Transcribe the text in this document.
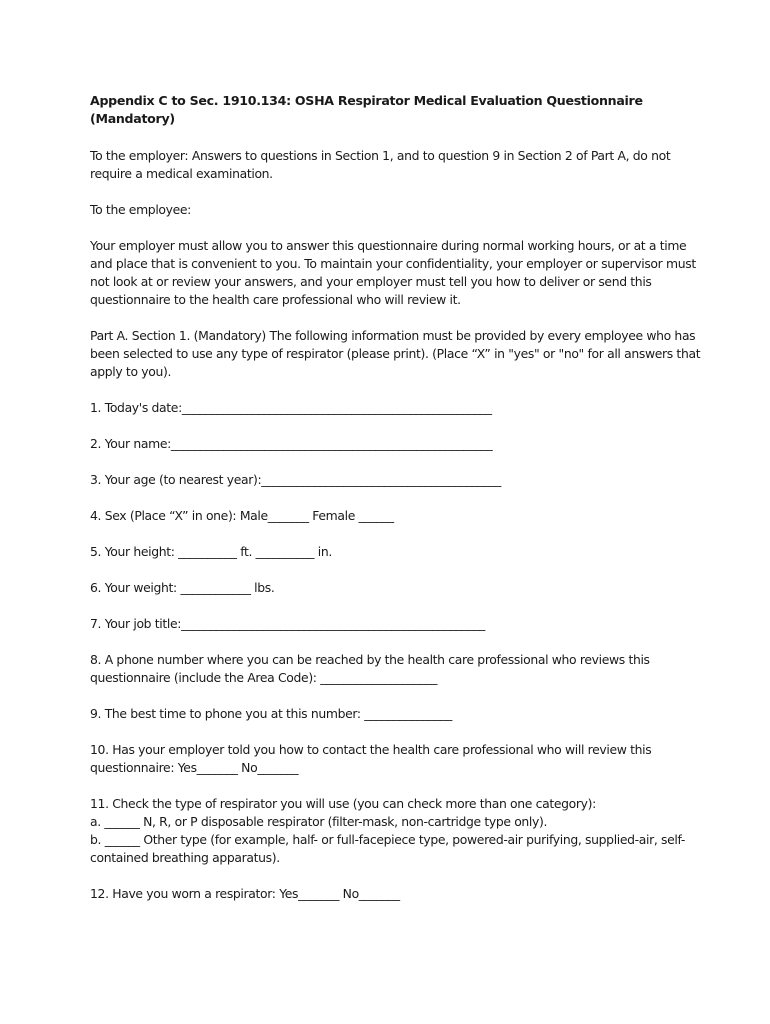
Appendix C to Sec. 1910.134: OSHA Respirator Medical Evaluation Questionnaire
(Mandatory)
To the employer: Answers to questions in Section 1, and to question 9 in Section 2 of Part A, do not
require a medical examination.
To the employee:
Your employer must allow you to answer this questionnaire during normal working hours, or at a time
and place that is convenient to you. To maintain your confidentiality, your employer or supervisor must
not look at or review your answers, and your employer must tell you how to deliver or send this
questionnaire to the health care professional who will review it.
Part A. Section 1. (Mandatory) The following information must be provided by every employee who has
been selected to use any type of respirator (please print). (Place “X” in "yes" or "no" for all answers that
apply to you).
1. Today's date:_____________________________________________________
2. Your name:_______________________________________________________
3. Your age (to nearest year):_________________________________________
4. Sex (Place “X” in one): Male_______ Female ______
5. Your height: __________ ft. __________ in.
6. Your weight: ____________ lbs.
7. Your job title:____________________________________________________
8. A phone number where you can be reached by the health care professional who reviews this
questionnaire (include the Area Code): ____________________
9. The best time to phone you at this number: _______________
10. Has your employer told you how to contact the health care professional who will review this
questionnaire: Yes_______ No_______
11. Check the type of respirator you will use (you can check more than one category):
a. ______ N, R, or P disposable respirator (filter-mask, non-cartridge type only).
b. ______ Other type (for example, half- or full-facepiece type, powered-air purifying, supplied-air, self-
contained breathing apparatus).
12. Have you worn a respirator: Yes_______ No_______
